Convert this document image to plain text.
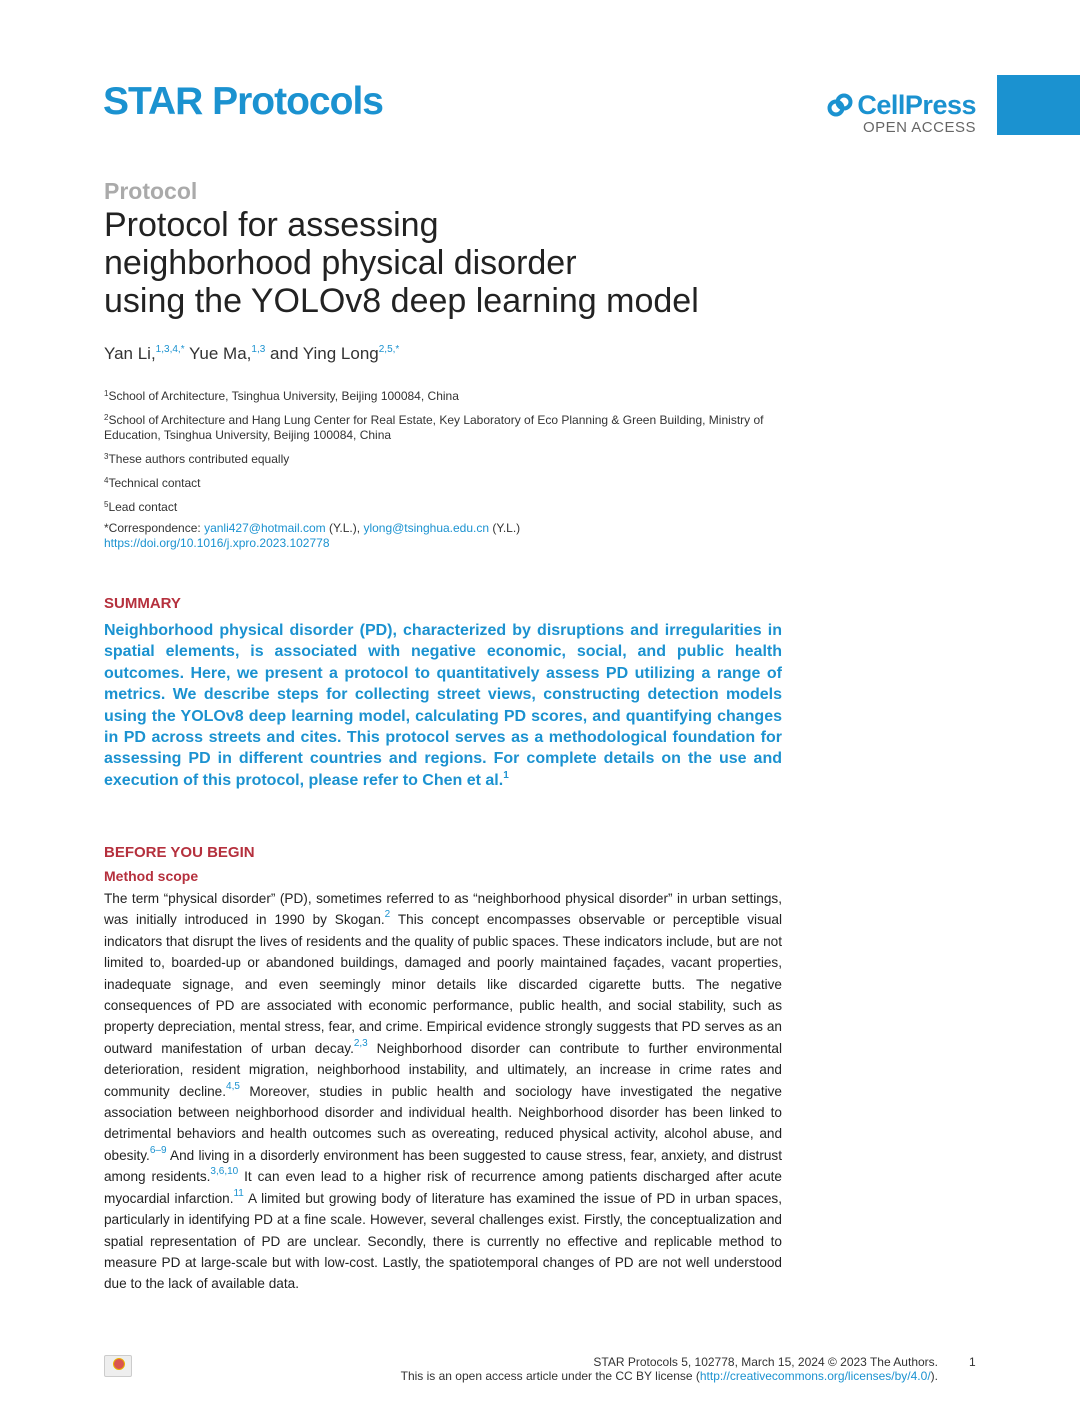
STAR Protocols	CellPress
OPEN ACCESS
Protocol
Protocol for assessing
neighborhood physical disorder
using the YOLOv8 deep learning model
Yan Li,$^{1,3,4,*}$ Yue Ma,$^{1,3}$ and Ying Long$^{2,5,*}$

$^1$School of Architecture, Tsinghua University, Beijing 100084, China

$^2$School of Architecture and Hang Lung Center for Real Estate, Key Laboratory of Eco Planning & Green Building, Ministry of Education, Tsinghua University, Beijing 100084, China

$^3$These authors contributed equally

$^4$Technical contact

$^5$Lead contact

*Correspondence: yanli427@hotmail.com (Y.L.), ylong@tsinghua.edu.cn (Y.L.)
https://doi.org/10.1016/j.xpro.2023.102778

SUMMARY
Neighborhood physical disorder (PD), characterized by disruptions and irregularities in spatial elements, is associated with negative economic, social, and public health outcomes. Here, we present a protocol to quantitatively assess PD utilizing a range of metrics. We describe steps for collecting street views, constructing detection models using the YOLOv8 deep learning model, calculating PD scores, and quantifying changes in PD across streets and cites. This protocol serves as a methodological foundation for assessing PD in different countries and regions. For complete details on the use and execution of this protocol, please refer to Chen et al.$^1$
BEFORE YOU BEGIN
Method scope
The term “physical disorder” (PD), sometimes referred to as “neighborhood physical disorder” in urban settings, was initially introduced in 1990 by Skogan.$^2$ This concept encompasses observable or perceptible visual indicators that disrupt the lives of residents and the quality of public spaces. These indicators include, but are not limited to, boarded-up or abandoned buildings, damaged and poorly maintained façades, vacant properties, inadequate signage, and even seemingly minor details like discarded cigarette butts. The negative consequences of PD are associated with economic performance, public health, and social stability, such as property depreciation, mental stress, fear, and crime. Empirical evidence strongly suggests that PD serves as an outward manifestation of urban decay.$^{2,3}$ Neighborhood disorder can contribute to further environmental deterioration, resident migration, neighborhood instability, and ultimately, an increase in crime rates and community decline.$^{4,5}$ Moreover, studies in public health and sociology have investigated the negative association between neighborhood disorder and individual health. Neighborhood disorder has been linked to detrimental behaviors and health outcomes such as overeating, reduced physical activity, alcohol abuse, and obesity.$^{6-9}$ And living in a disorderly environment has been suggested to cause stress, fear, anxiety, and distrust among residents.$^{3,6,10}$ It can even lead to a higher risk of recurrence among patients discharged after acute myocardial infarction.$^{11}$ A limited but growing body of literature has examined the issue of PD in urban spaces, particularly in identifying PD at a fine scale. However, several challenges exist. Firstly, the conceptualization and spatial representation of PD are unclear. Secondly, there is currently no effective and replicable method to measure PD at large-scale but with low-cost. Lastly, the spatiotemporal changes of PD are not well understood due to the lack of available data.
STAR Protocols 5, 102778, March 15, 2024 © 2023 The Authors.
This is an open access article under the CC BY license (http://creativecommons.org/licenses/by/4.0/).
1
